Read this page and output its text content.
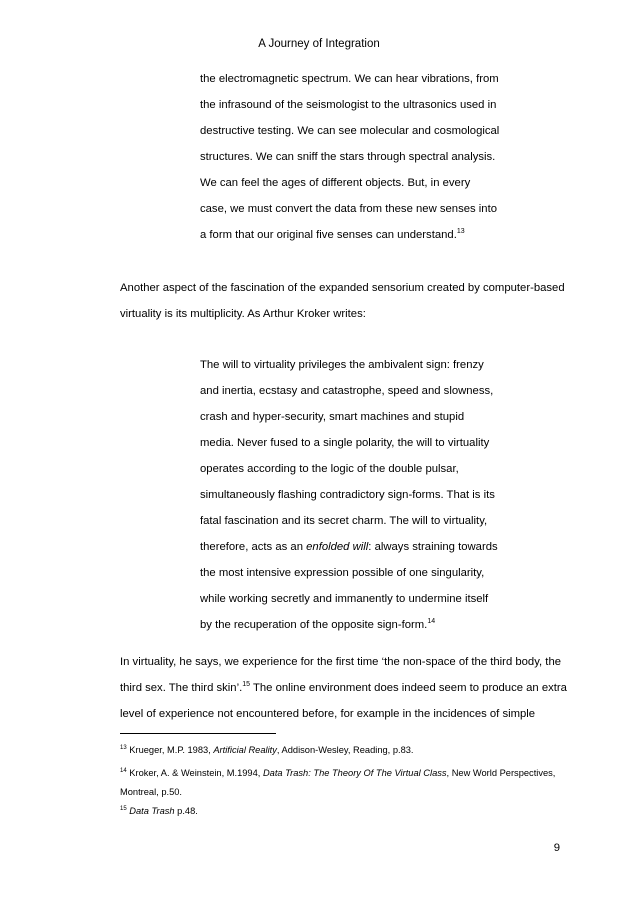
A Journey of Integration
the electromagnetic spectrum. We can hear vibrations, from
the infrasound of the seismologist to the ultrasonics used in
destructive testing. We can see molecular and cosmological
structures. We can sniff the stars through spectral analysis.
We can feel the ages of different objects. But, in every
case, we must convert the data from these new senses into
a form that our original five senses can understand.$^{13}$
Another aspect of the fascination of the expanded sensorium created by computer-based
virtuality is its multiplicity. As Arthur Kroker writes:
The will to virtuality privileges the ambivalent sign: frenzy
and inertia, ecstasy and catastrophe, speed and slowness,
crash and hyper-security, smart machines and stupid
media. Never fused to a single polarity, the will to virtuality
operates according to the logic of the double pulsar,
simultaneously flashing contradictory sign-forms. That is its
fatal fascination and its secret charm. The will to virtuality,
therefore, acts as an enfolded will: always straining towards
the most intensive expression possible of one singularity,
while working secretly and immanently to undermine itself
by the recuperation of the opposite sign-form.$^{14}$
In virtuality, he says, we experience for the first time ‘the non-space of the third body, the
third sex. The third skin’.$^{15}$ The online environment does indeed seem to produce an extra
level of experience not encountered before, for example in the incidences of simple
$^{13}$ Krueger, M.P. 1983, Artificial Reality, Addison-Wesley, Reading, p.83.
$^{14}$ Kroker, A. & Weinstein, M.1994, Data Trash: The Theory Of The Virtual Class, New World Perspectives,
Montreal, p.50.
$^{15}$ Data Trash p.48.
9
